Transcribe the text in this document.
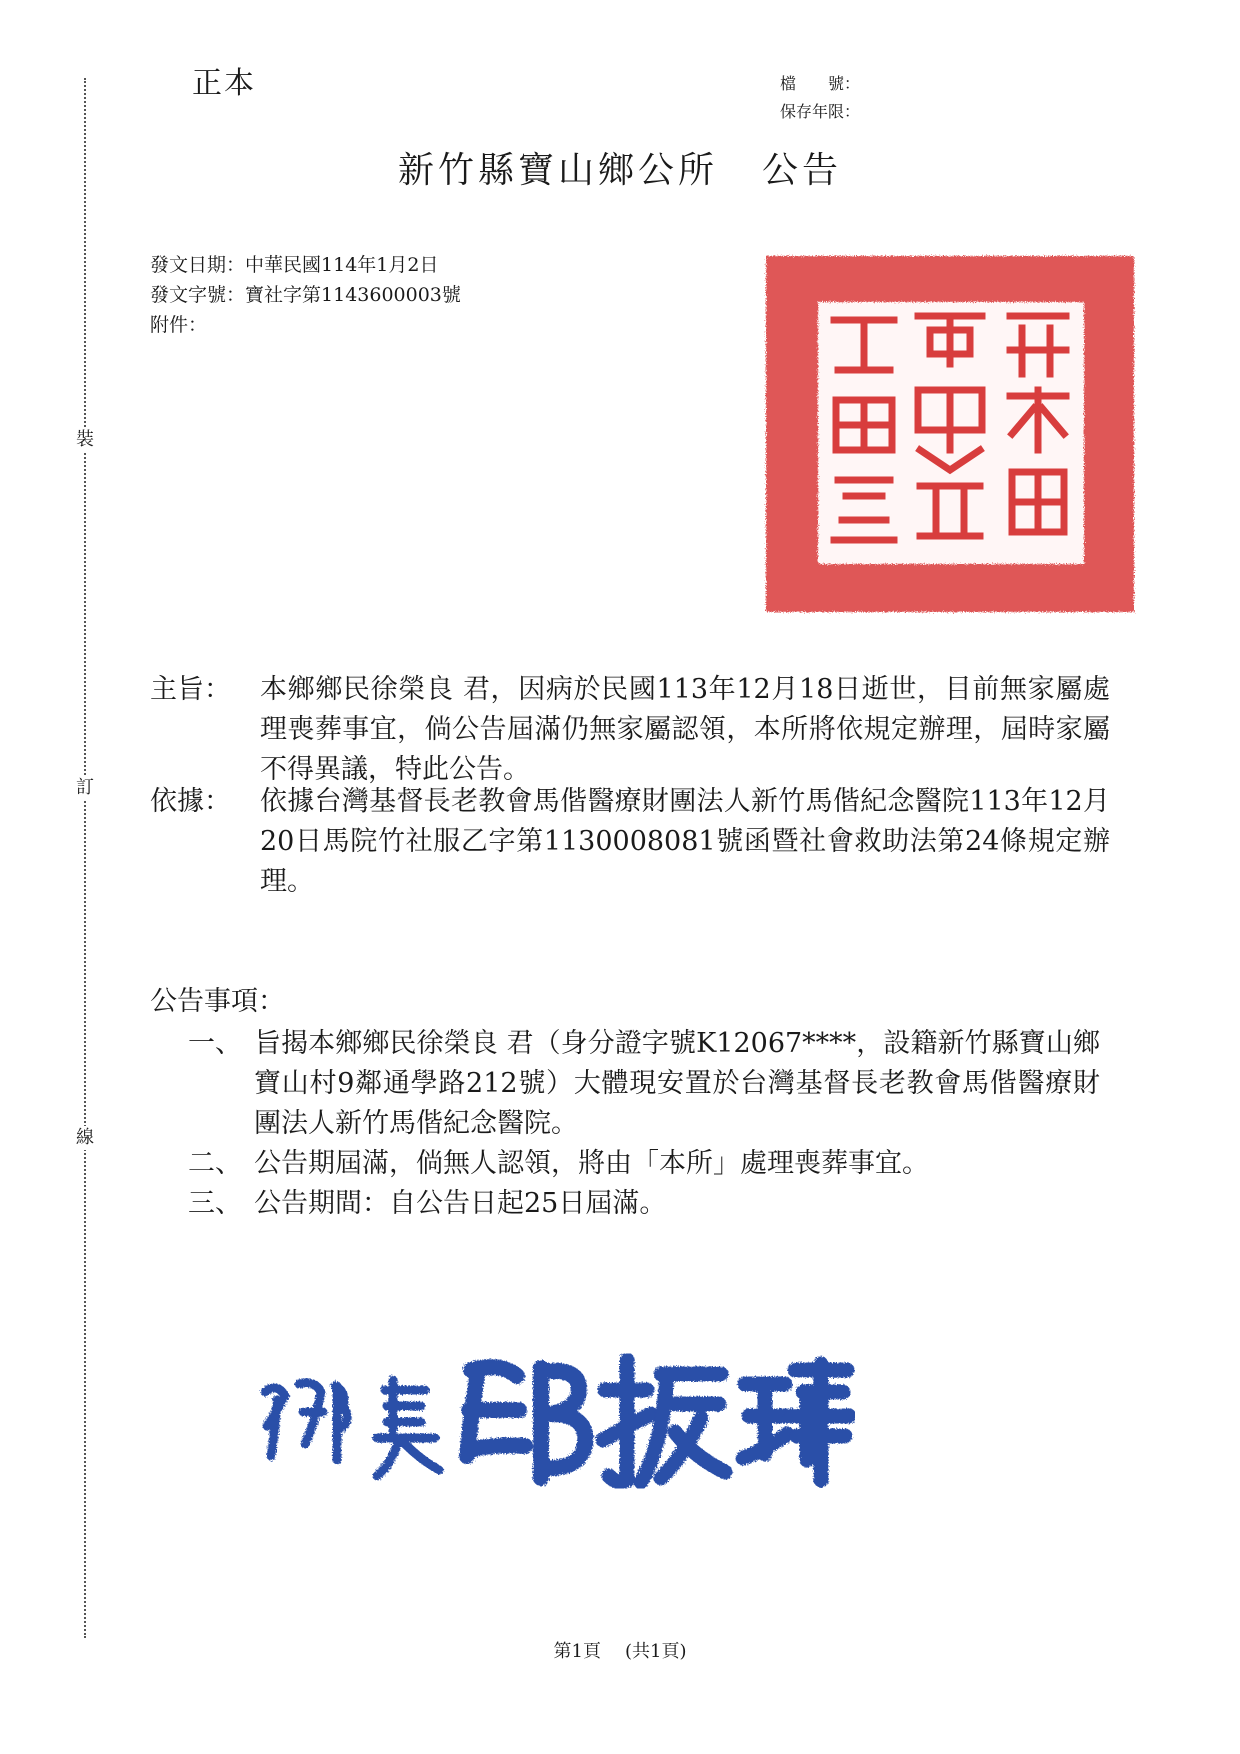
裝
訂
線
正本	檔　　號：
保存年限：
新竹縣寶山鄉公所 公告
發文日期：中華民國114年1月2日
發文字號：寶社字第1143600003號
附件：
主旨：	本鄉鄉民徐榮良 君，因病於民國113年12月18日逝世，目前無家屬處理喪葬事宜，倘公告屆滿仍無家屬認領，本所將依規定辦理，屆時家屬不得異議，特此公告。
依據：	依據台灣基督長老教會馬偕醫療財團法人新竹馬偕紀念醫院113年12月20日馬院竹社服乙字第1130008081號函暨社會救助法第24條規定辦理。
公告事項：
一、 旨揭本鄉鄉民徐榮良 君（身分證字號K12067****，設籍新竹縣寶山鄉寶山村9鄰通學路212號）大體現安置於台灣基督長老教會馬偕醫療財團法人新竹馬偕紀念醫院。
二、 公告期屆滿，倘無人認領，將由「本所」處理喪葬事宜。
三、 公告期間：自公告日起25日屆滿。
第1頁 (共1頁)
